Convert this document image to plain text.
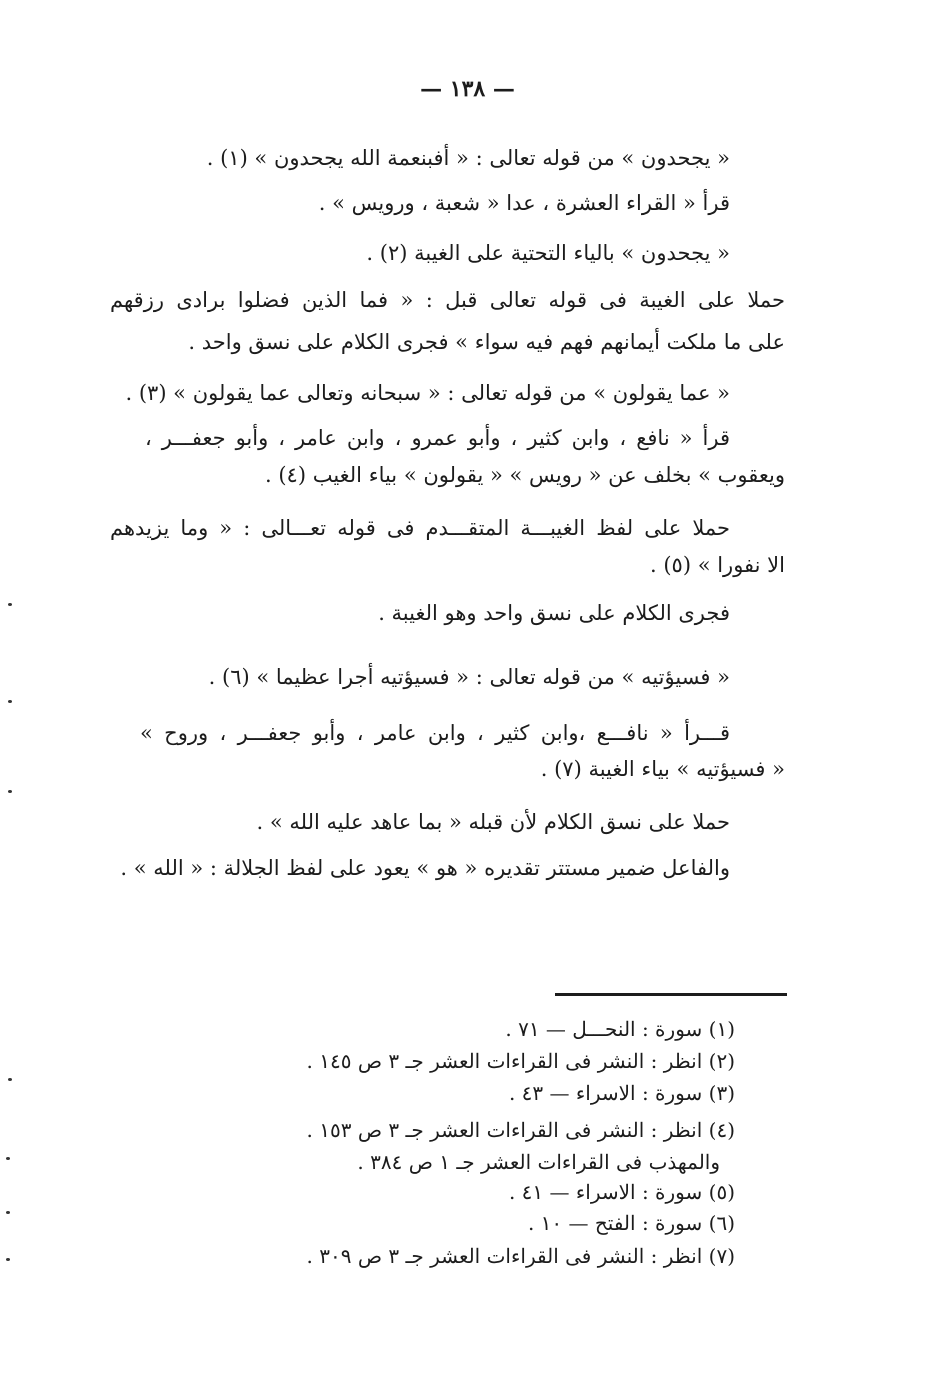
— ١٣٨ —
« يجحدون » من قوله تعالى : « أفبنعمة الله يجحدون » (١) .
قرأ « القراء العشرة ، عدا « شعبة ، ورويس » .
« يجحدون » بالياء التحتية على الغيبة (٢) .
حملا على الغيبة فى قوله تعالى قبل : « فما الذين فضلوا برادى رزقهم
على ما ملكت أيمانهم فهم فيه سواء » فجرى الكلام على نسق واحد .
« عما يقولون » من قوله تعالى : « سبحانه وتعالى عما يقولون » (٣) .
قرأ « نافع ، وابن كثير ، وأبو عمرو ، وابن عامر ، وأبو جعفـــر ،
ويعقوب » بخلف عن « رويس » « يقولون » بياء الغيب (٤) .
حملا على لفظ الغيبـــة المتقـــدم فى قوله تعـــالى : « وما يزيدهم
الا نفورا » (٥) .
فجرى الكلام على نسق واحد وهو الغيبة .
« فسيؤتيه » من قوله تعالى : « فسيؤتيه أجرا عظيما » (٦) .
قـــرأ « نافـــع ،وابن كثير ، وابن عامر ، وأبو جعفـــر ، وروح »
« فسيؤتيه » بياء الغيبة (٧) .
حملا على نسق الكلام لأن قبله « بما عاهد عليه الله » .
والفاعل ضمير مستتر تقديره « هو » يعود على لفظ الجلالة : « الله » .
(١) سورة : النحـــل — ٧١ .
(٢) انظر : النشر فى القراءات العشر جـ ٣ ص ١٤٥ .
(٣) سورة : الاسراء — ٤٣ .
(٤) انظر : النشر فى القراءات العشر جـ ٣ ص ١٥٣ .
والمهذب فى القراءات العشر جـ ١ ص ٣٨٤ .
(٥) سورة : الاسراء — ٤١ .
(٦) سورة : الفتح — ١٠ .
(٧) انظر : النشر فى القراءات العشر جـ ٣ ص ٣٠٩ .
